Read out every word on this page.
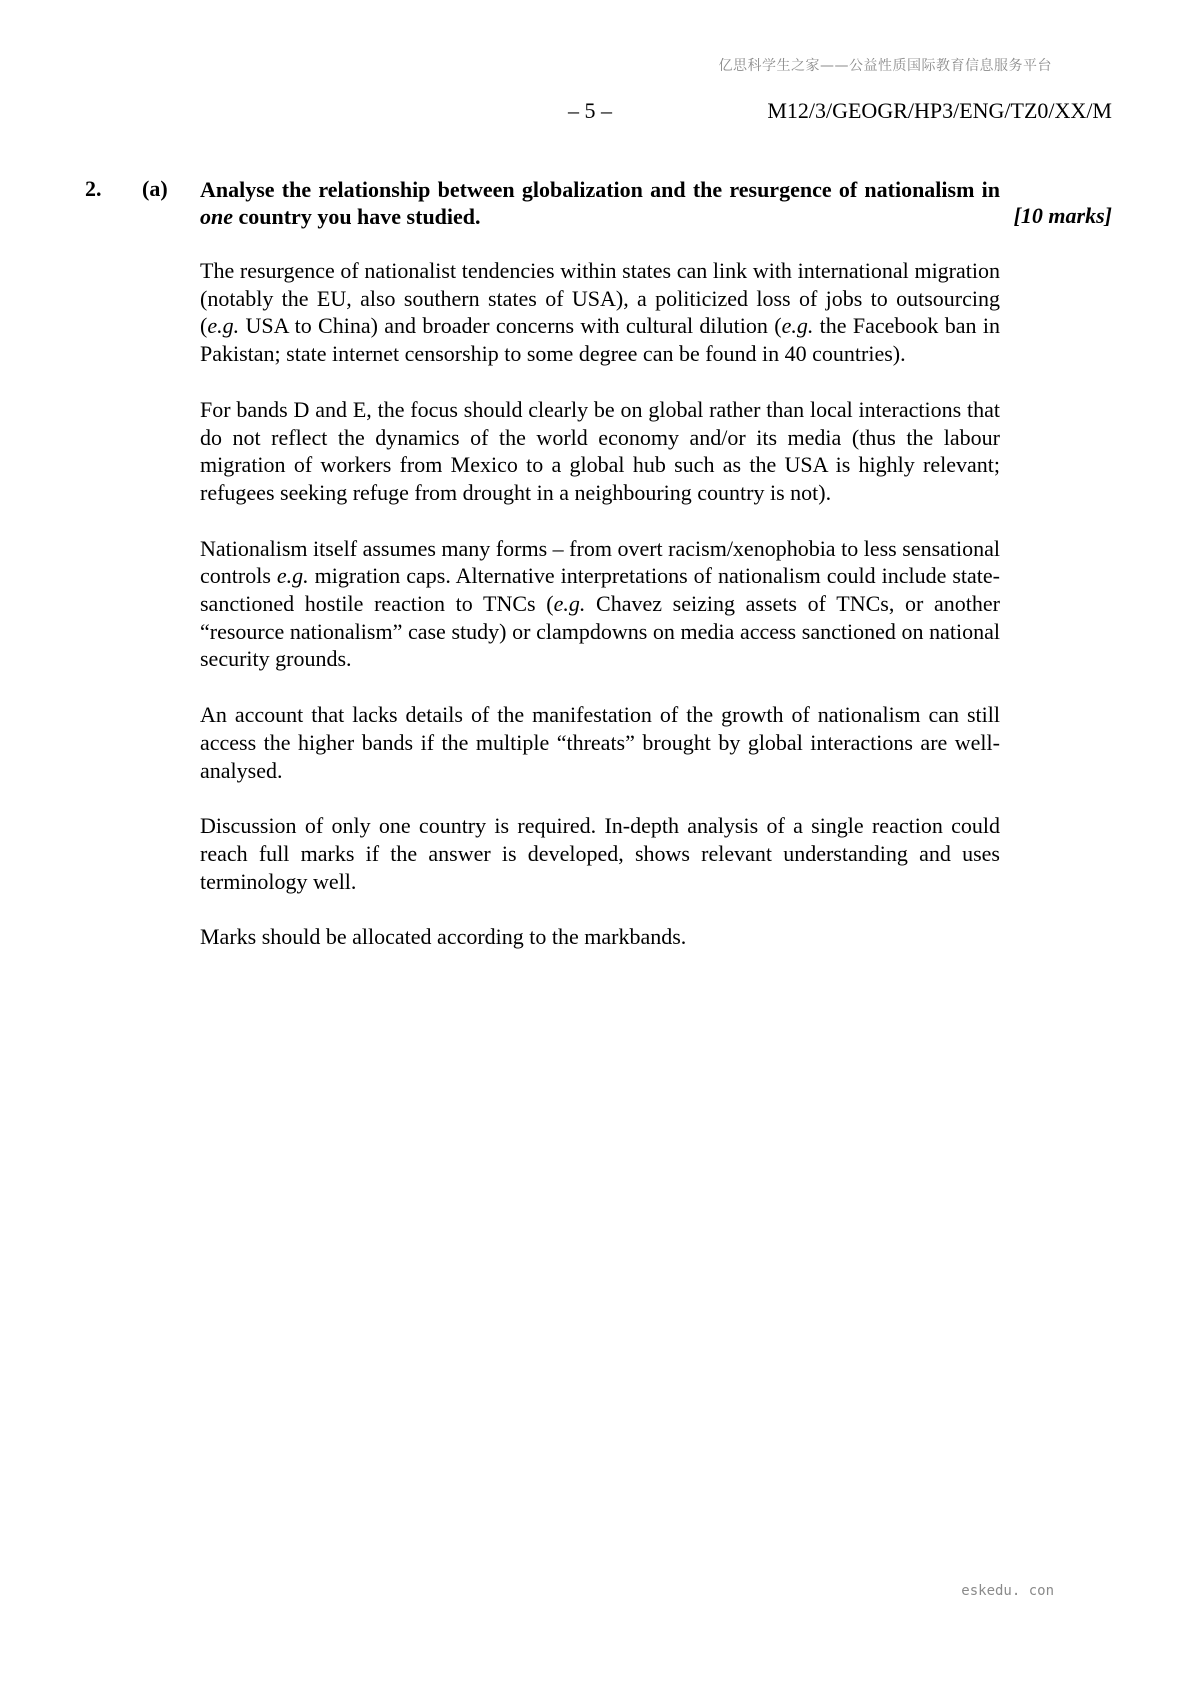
亿思科学生之家——公益性质国际教育信息服务平台
– 5 –	M12/3/GEOGR/HP3/ENG/TZ0/XX/M
2. (a) Analyse the relationship between globalization and the resurgence of nationalism in one country you have studied.	[10 marks]

The resurgence of nationalist tendencies within states can link with international migration (notably the EU, also southern states of USA), a politicized loss of jobs to outsourcing (e.g. USA to China) and broader concerns with cultural dilution (e.g. the Facebook ban in Pakistan; state internet censorship to some degree can be found in 40 countries).

For bands D and E, the focus should clearly be on global rather than local interactions that do not reflect the dynamics of the world economy and/or its media (thus the labour migration of workers from Mexico to a global hub such as the USA is highly relevant; refugees seeking refuge from drought in a neighbouring country is not).

Nationalism itself assumes many forms – from overt racism/xenophobia to less sensational controls e.g. migration caps. Alternative interpretations of nationalism could include state-sanctioned hostile reaction to TNCs (e.g. Chavez seizing assets of TNCs, or another “resource nationalism” case study) or clampdowns on media access sanctioned on national security grounds.

An account that lacks details of the manifestation of the growth of nationalism can still access the higher bands if the multiple “threats” brought by global interactions are well-analysed.

Discussion of only one country is required. In-depth analysis of a single reaction could reach full marks if the answer is developed, shows relevant understanding and uses terminology well.

Marks should be allocated according to the markbands.

eskedu. con
